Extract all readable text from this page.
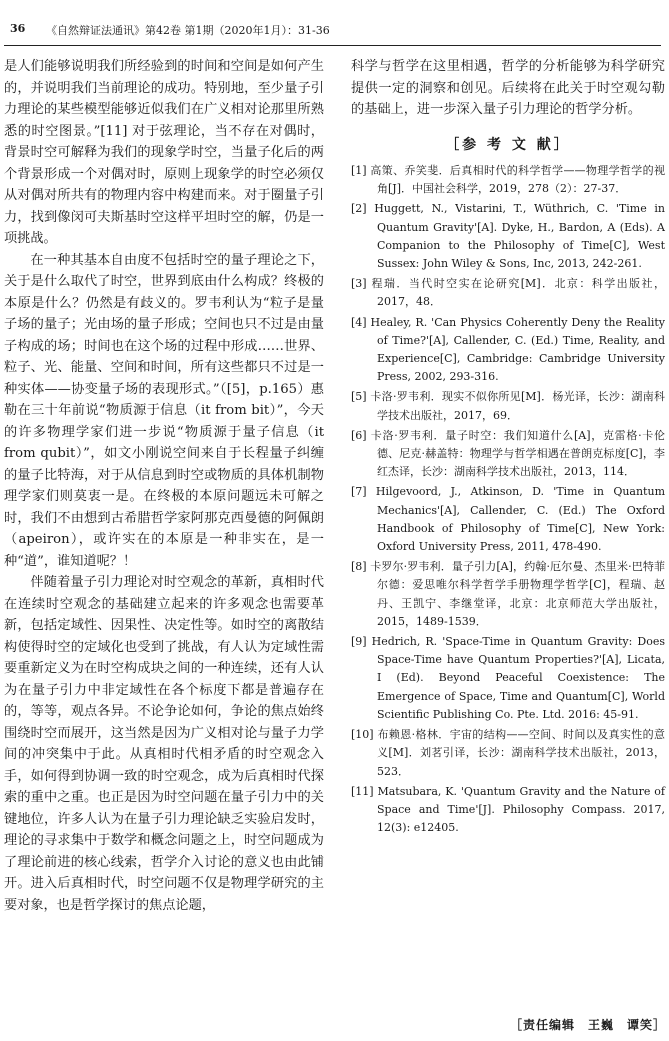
36 《自然辩证法通讯》第42卷 第1期（2020年1月）：31-36

是人们能够说明我们所经验到的时间和空间是如何产生的，并说明我们当前理论的成功。特别地，至少量子引力理论的某些模型能够近似我们在广义相对论那里所熟悉的时空图景。”[11] 对于弦理论，当不存在对偶时，背景时空可解释为我们的现象学时空，当量子化后的两个背景形成一个对偶对时，原则上现象学的时空必须仅从对偶对所共有的物理内容中构建而来。对于圈量子引力，找到像闵可夫斯基时空这样平坦时空的解，仍是一项挑战。

在一种其基本自由度不包括时空的量子理论之下，关于是什么取代了时空，世界到底由什么构成？终极的本原是什么？仍然是有歧义的。罗韦利认为“粒子是量子场的量子；光由场的量子形成；空间也只不过是由量子构成的场；时间也在这个场的过程中形成……世界、粒子、光、能量、空间和时间，所有这些都只不过是一种实体——协变量子场的表现形式。”（[5]，p.165）惠勒在三十年前说“物质源于信息（it from bit）”，今天的许多物理学家们进一步说“物质源于量子信息（it from qubit）”，如文小刚说空间来自于长程量子纠缠的量子比特海，对于从信息到时空或物质的具体机制物理学家们则莫衷一是。在终极的本原问题远未可解之时，我们不由想到古希腊哲学家阿那克西曼德的阿佩朗（apeiron），或许实在的本原是一种非实在，是一种“道”，谁知道呢？！

伴随着量子引力理论对时空观念的革新，真相时代在连续时空观念的基础建立起来的许多观念也需要革新，包括定域性、因果性、决定性等。如时空的离散结构使得时空的定域化也受到了挑战，有人认为定域性需要重新定义为在时空构成块之间的一种连续，还有人认为在量子引力中非定域性在各个标度下都是普遍存在的，等等，观点各异。不论争论如何，争论的焦点始终围绕时空而展开，这当然是因为广义相对论与量子力学间的冲突集中于此。从真相时代相矛盾的时空观念入手，如何得到协调一致的时空观念，成为后真相时代探索的重中之重。也正是因为时空问题在量子引力中的关键地位，许多人认为在量子引力理论缺乏实验启发时，理论的寻求集中于数学和概念问题之上，时空问题成为了理论前进的核心线索，哲学介入讨论的意义也由此铺开。进入后真相时代，时空问题不仅是物理学研究的主要对象，也是哲学探讨的焦点论题，

科学与哲学在这里相遇，哲学的分析能够为科学研究提供一定的洞察和创见。后续将在此关于时空观勾勒的基础上，进一步深入量子引力理论的哲学分析。

［参 考 文 献］

[1] 高策、乔笑斐．后真相时代的科学哲学——物理学哲学的视角[J]．中国社会科学，2019，278（2）：27-37．

[2] Huggett, N., Vistarini, T., Wüthrich, C. 'Time in Quantum Gravity'[A]. Dyke, H., Bardon, A (Eds). A Companion to the Philosophy of Time[C], West Sussex: John Wiley & Sons, Inc, 2013, 242-261.

[3] 程瑞．当代时空实在论研究[M]．北京：科学出版社，2017，48．

[4] Healey, R. 'Can Physics Coherently Deny the Reality of Time?'[A], Callender, C. (Ed.) Time, Reality, and Experience[C], Cambridge: Cambridge University Press, 2002, 293-316.

[5] 卡洛·罗韦利．现实不似你所见[M]．杨光译，长沙：湖南科学技术出版社，2017，69．

[6] 卡洛·罗韦利．量子时空：我们知道什么[A]，克雷格·卡伦德、尼克·赫盖特：物理学与哲学相遇在普朗克标度[C]，李红杰译，长沙：湖南科学技术出版社，2013，114．

[7] Hilgevoord, J., Atkinson, D. 'Time in Quantum Mechanics'[A], Callender, C. (Ed.) The Oxford Handbook of Philosophy of Time[C], New York: Oxford University Press, 2011, 478-490.

[8] 卡罗尔·罗韦利．量子引力[A]，约翰·厄尔曼、杰里米·巴特菲尔德：爱思唯尔科学哲学手册物理学哲学[C]，程瑞、赵丹、王凯宁、李继堂译，北京：北京师范大学出版社，2015，1489-1539．

[9] Hedrich, R. 'Space-Time in Quantum Gravity: Does Space-Time have Quantum Properties?'[A], Licata, I (Ed). Beyond Peaceful Coexistence: The Emergence of Space, Time and Quantum[C], World Scientific Publishing Co. Pte. Ltd. 2016: 45-91.

[10] 布赖恩·格林．宇宙的结构——空间、时间以及真实性的意义[M]．刘茗引译，长沙：湖南科学技术出版社，2013，523．

[11] Matsubara, K. 'Quantum Gravity and the Nature of Space and Time'[J]. Philosophy Compass. 2017, 12(3): e12405.

［责任编辑　王巍　谭笑］
